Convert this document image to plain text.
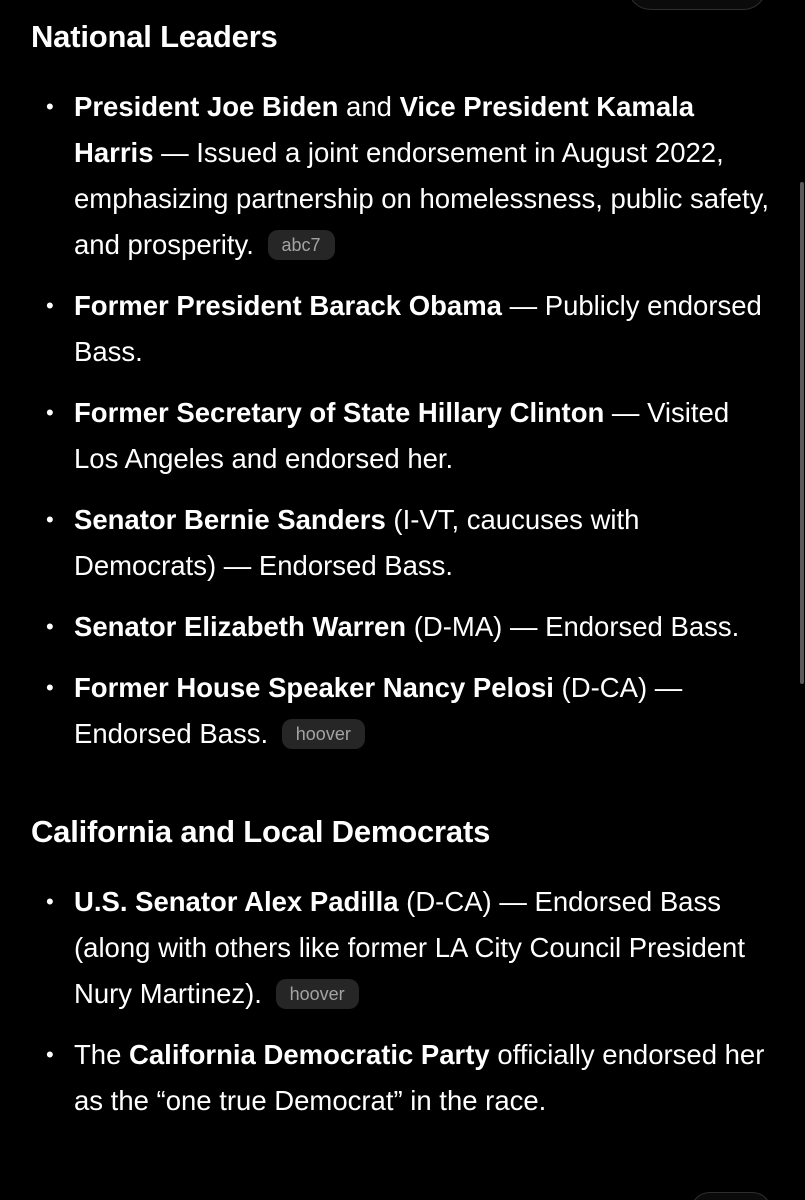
National Leaders
• President Joe Biden and Vice President Kamala Harris — Issued a joint endorsement in August 2022, emphasizing partnership on homelessness, public safety, and prosperity. abc7
• Former President Barack Obama — Publicly endorsed Bass.
• Former Secretary of State Hillary Clinton — Visited Los Angeles and endorsed her.
• Senator Bernie Sanders (I-VT, caucuses with Democrats) — Endorsed Bass.
• Senator Elizabeth Warren (D-MA) — Endorsed Bass.
• Former House Speaker Nancy Pelosi (D-CA) — Endorsed Bass. hoover
California and Local Democrats
• U.S. Senator Alex Padilla (D-CA) — Endorsed Bass (along with others like former LA City Council President Nury Martinez). hoover
• The California Democratic Party officially endorsed her as the “one true Democrat” in the race.
